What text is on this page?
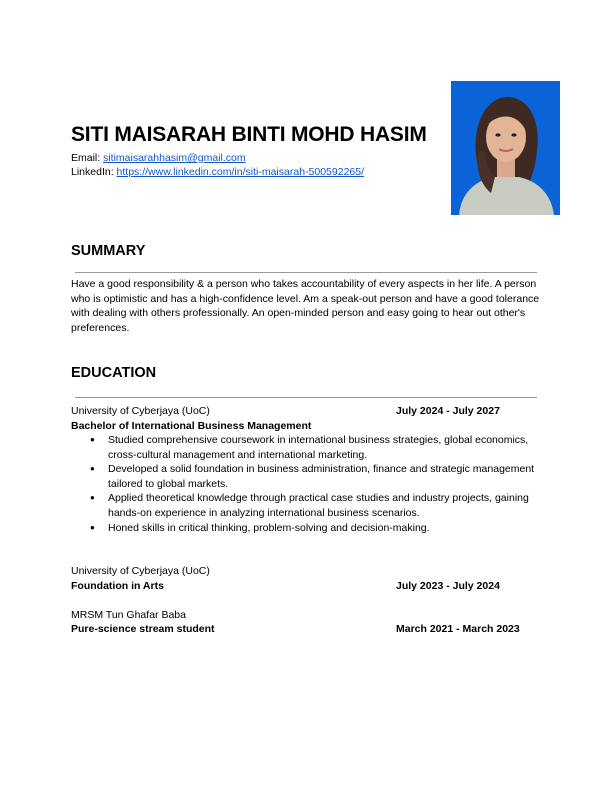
SITI MAISARAH BINTI MOHD HASIM
Email: sitimaisarahhasim@gmail.com
LinkedIn: https://www.linkedin.com/in/siti-maisarah-500592265/
SUMMARY
Have a good responsibility & a person who takes accountability of every aspects in her life. A person who is optimistic and has a high-confidence level. Am a speak-out person and have a good tolerance with dealing with others professionally. An open-minded person and easy going to hear out other's preferences.
EDUCATION
University of Cyberjaya (UoC)	July 2024 - July 2027
Bachelor of International Business Management
● Studied comprehensive coursework in international business strategies, global economics, cross-cultural management and international marketing.
● Developed a solid foundation in business administration, finance and strategic management tailored to global markets.
● Applied theoretical knowledge through practical case studies and industry projects, gaining hands-on experience in analyzing international business scenarios.
● Honed skills in critical thinking, problem-solving and decision-making.
University of Cyberjaya (UoC)
Foundation in Arts	July 2023 - July 2024
MRSM Tun Ghafar Baba
Pure-science stream student	March 2021 - March 2023
